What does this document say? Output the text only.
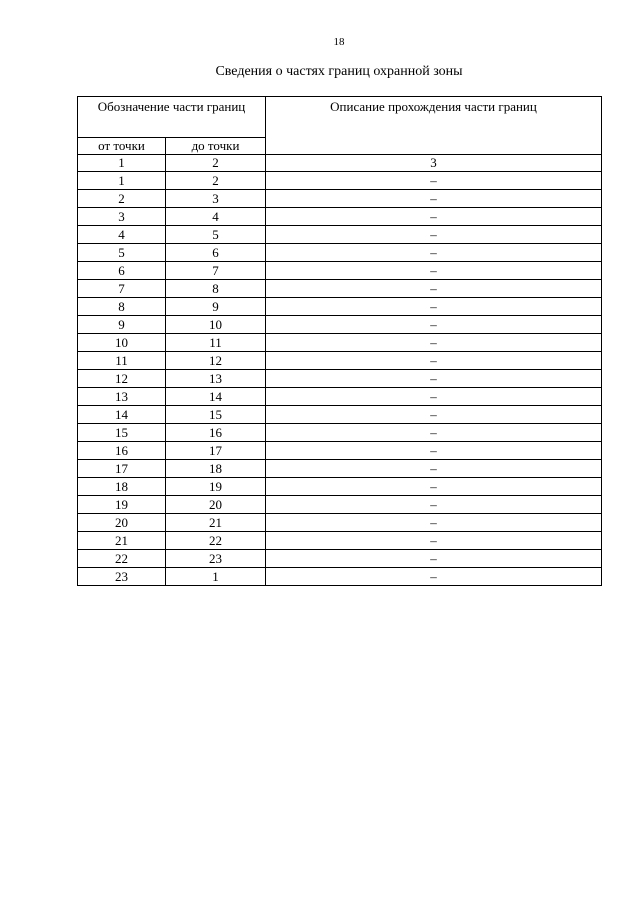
18
Сведения о частях границ охранной зоны
Обозначение части границ		Описание прохождения части границ
от точки	до точки	
1	2	3
1	2	–
2	3	–
3	4	–
4	5	–
5	6	–
6	7	–
7	8	–
8	9	–
9	10	–
10	11	–
11	12	–
12	13	–
13	14	–
14	15	–
15	16	–
16	17	–
17	18	–
18	19	–
19	20	–
20	21	–
21	22	–
22	23	–
23	1	–
